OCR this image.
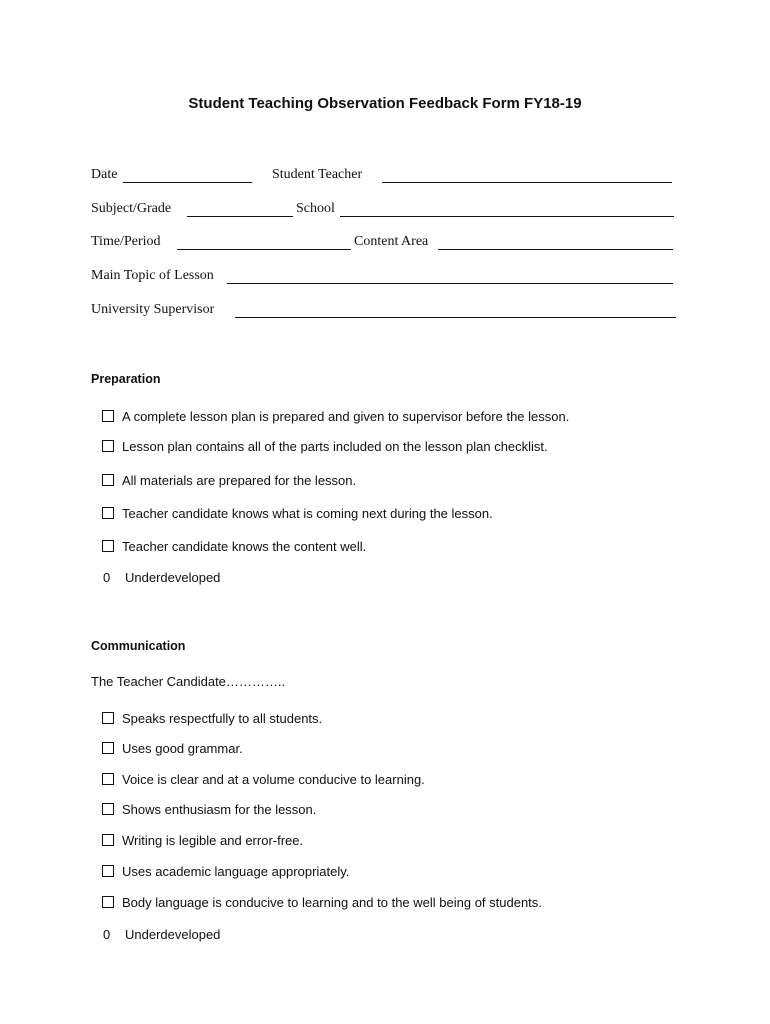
Student Teaching Observation Feedback Form FY18-19
Date	Student Teacher
Subject/Grade	School
Time/Period	Content Area
Main Topic of Lesson
University Supervisor
Preparation
A complete lesson plan is prepared and given to supervisor before the lesson.
Lesson plan contains all of the parts included on the lesson plan checklist.
All materials are prepared for the lesson.
Teacher candidate knows what is coming next during the lesson.
Teacher candidate knows the content well.
0 Underdeveloped
Communication
The Teacher Candidate…………..
Speaks respectfully to all students.
Uses good grammar.
Voice is clear and at a volume conducive to learning.
Shows enthusiasm for the lesson.
Writing is legible and error-free.
Uses academic language appropriately.
Body language is conducive to learning and to the well being of students.
0 Underdeveloped
